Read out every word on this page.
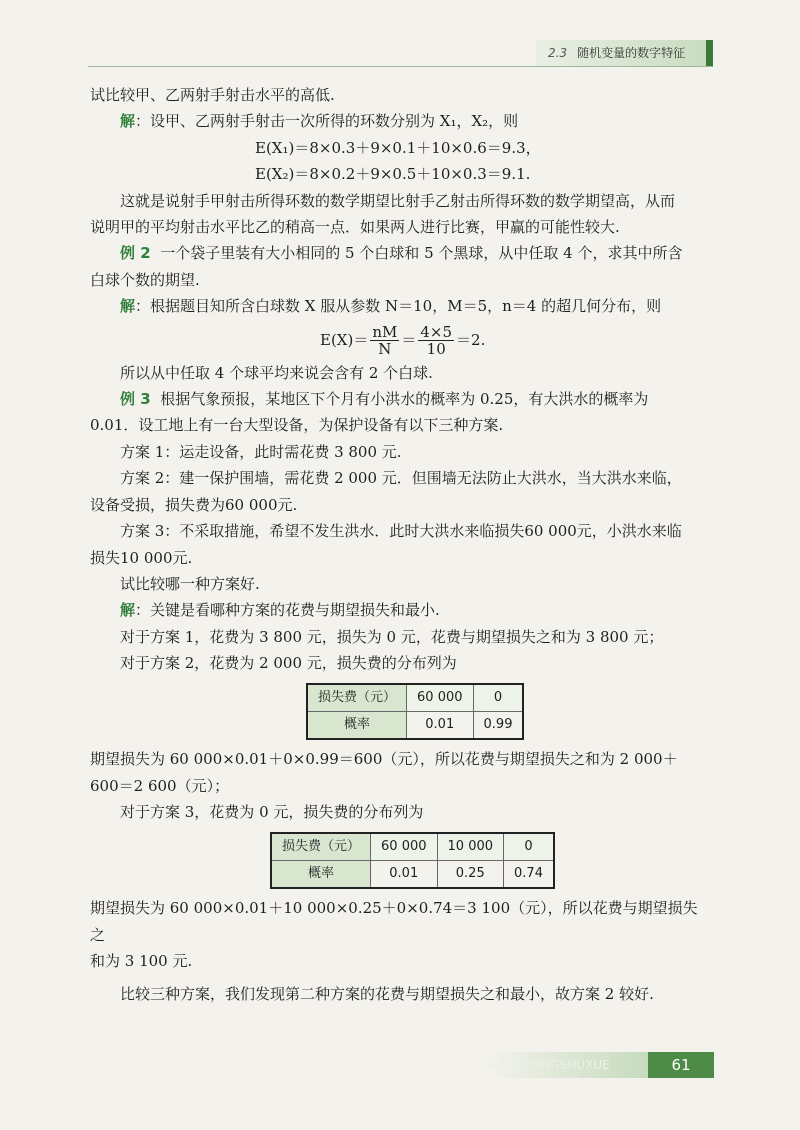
2.3 随机变量的数字特征

试比较甲、乙两射手射击水平的高低.

解：设甲、乙两射手射击一次所得的环数分别为 X₁，X₂，则

E(X₁)＝8×0.3＋9×0.1＋10×0.6＝9.3，

E(X₂)＝8×0.2＋9×0.5＋10×0.3＝9.1.

这就是说射手甲射击所得环数的数学期望比射手乙射击所得环数的数学期望高，从而

说明甲的平均射击水平比乙的稍高一点．如果两人进行比赛，甲赢的可能性较大.

例 2 一个袋子里装有大小相同的 5 个白球和 5 个黑球，从中任取 4 个，求其中所含

白球个数的期望.

解：根据题目知所含白球数 X 服从参数 N＝10，M＝5，n＝4 的超几何分布，则

$E(X)= \frac{nM}{N} = \frac{4\times 5}{10} =2$.

所以从中任取 4 个球平均来说会含有 2 个白球.

例 3 根据气象预报，某地区下个月有小洪水的概率为 0.25，有大洪水的概率为

0.01．设工地上有一台大型设备，为保护设备有以下三种方案.

方案 1：运走设备，此时需花费 3 800 元.

方案 2：建一保护围墙，需花费 2 000 元．但围墙无法防止大洪水，当大洪水来临，

设备受损，损失费为60 000元.

方案 3：不采取措施，希望不发生洪水．此时大洪水来临损失60 000元，小洪水来临

损失10 000元.

试比较哪一种方案好.

解：关键是看哪种方案的花费与期望损失和最小.

对于方案 1，花费为 3 800 元，损失为 0 元，花费与期望损失之和为 3 800 元；

对于方案 2，花费为 2 000 元，损失费的分布列为

损失费（元）	60 000	0
概率	0.01	0.99

期望损失为 60 000×0.01＋0×0.99＝600（元），所以花费与期望损失之和为 2 000＋

600＝2 600（元）；

对于方案 3，花费为 0 元，损失费的分布列为

损失费（元）	60 000	10 000	0
概率	0.01	0.25	0.74

期望损失为 60 000×0.01＋10 000×0.25＋0×0.74＝3 100（元），所以花费与期望损失之

和为 3 100 元.

比较三种方案，我们发现第二种方案的花费与期望损失之和最小，故方案 2 较好.

GAOZHONGSHUXUE	61
